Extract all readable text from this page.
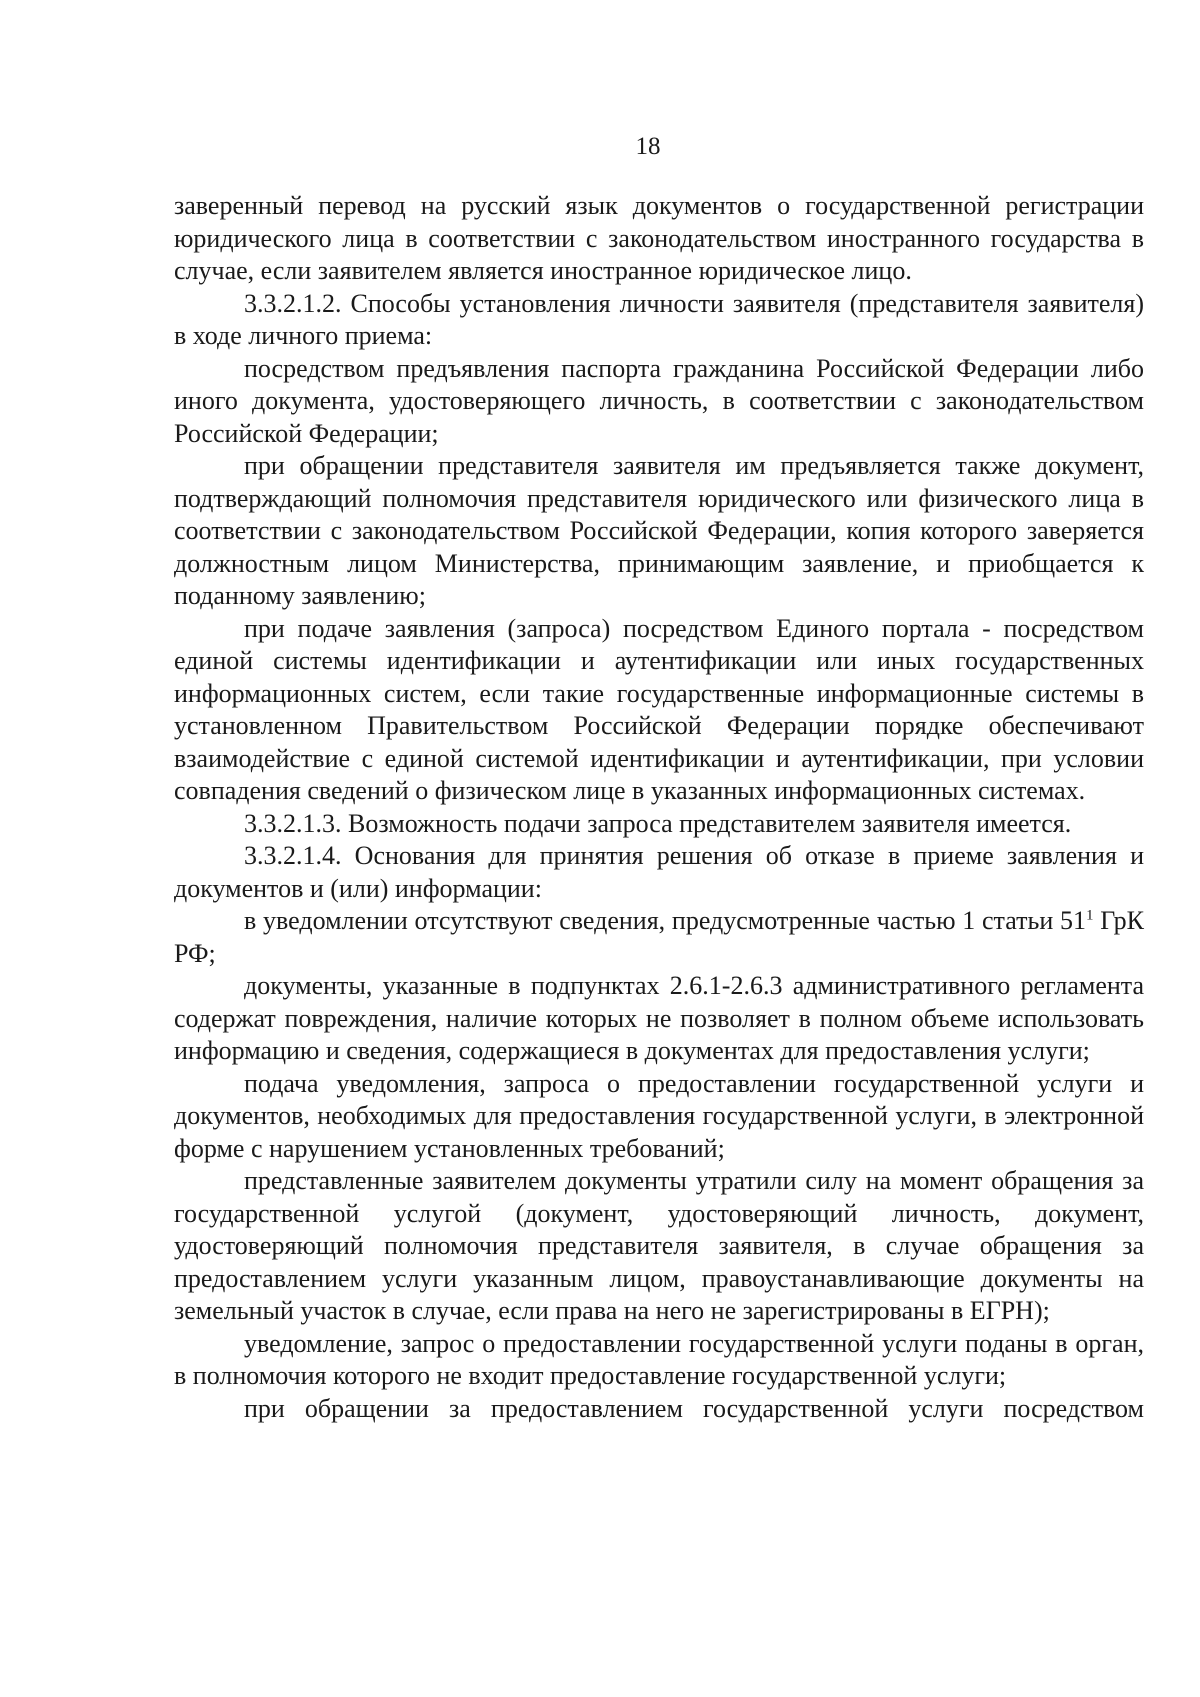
18

заверенный перевод на русский язык документов о государственной регистрации юридического лица в соответствии с законодательством иностранного государства в случае, если заявителем является иностранное юридическое лицо.

3.3.2.1.2. Способы установления личности заявителя (представителя заявителя) в ходе личного приема:

посредством предъявления паспорта гражданина Российской Федерации либо иного документа, удостоверяющего личность, в соответствии с законодательством Российской Федерации;

при обращении представителя заявителя им предъявляется также документ, подтверждающий полномочия представителя юридического или физического лица в соответствии с законодательством Российской Федерации, копия которого заверяется должностным лицом Министерства, принимающим заявление, и приобщается к поданному заявлению;

при подаче заявления (запроса) посредством Единого портала - посредством единой системы идентификации и аутентификации или иных государственных информационных систем, если такие государственные информационные системы в установленном Правительством Российской Федерации порядке обеспечивают взаимодействие с единой системой идентификации и аутентификации, при условии совпадения сведений о физическом лице в указанных информационных системах.

3.3.2.1.3. Возможность подачи запроса представителем заявителя имеется.

3.3.2.1.4. Основания для принятия решения об отказе в приеме заявления и документов и (или) информации:

в уведомлении отсутствуют сведения, предусмотренные частью 1 статьи $51^1$ ГрК РФ;

документы, указанные в подпунктах 2.6.1-2.6.3 административного регламента содержат повреждения, наличие которых не позволяет в полном объеме использовать информацию и сведения, содержащиеся в документах для предоставления услуги;

подача уведомления, запроса о предоставлении государственной услуги и документов, необходимых для предоставления государственной услуги, в электронной форме с нарушением установленных требований;

представленные заявителем документы утратили силу на момент обращения за государственной услугой (документ, удостоверяющий личность, документ, удостоверяющий полномочия представителя заявителя, в случае обращения за предоставлением услуги указанным лицом, правоустанавливающие документы на земельный участок в случае, если права на него не зарегистрированы в ЕГРН);

уведомление, запрос о предоставлении государственной услуги поданы в орган, в полномочия которого не входит предоставление государственной услуги;

при обращении за предоставлением государственной услуги посредством
